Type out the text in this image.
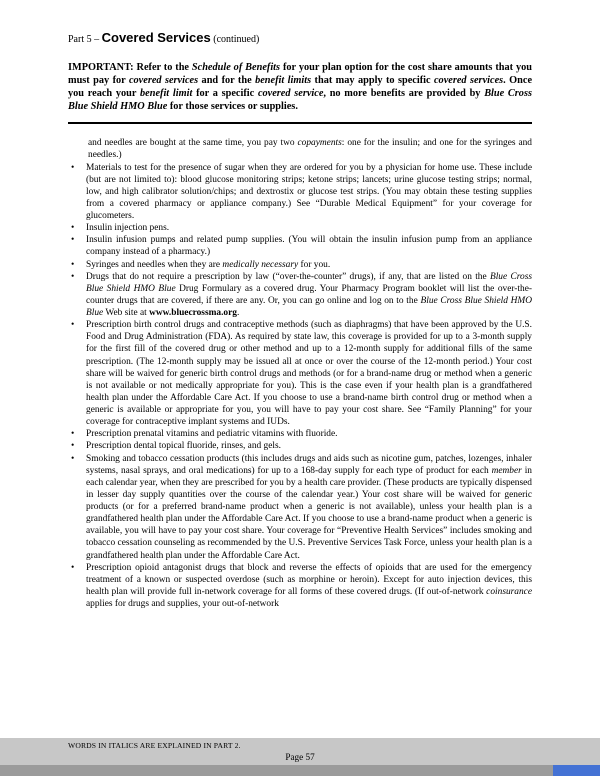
Part 5 – Covered Services (continued)

IMPORTANT: Refer to the Schedule of Benefits for your plan option for the cost share amounts that you must pay for covered services and for the benefit limits that may apply to specific covered services. Once you reach your benefit limit for a specific covered service, no more benefits are provided by Blue Cross Blue Shield HMO Blue for those services or supplies.

and needles are bought at the same time, you pay two copayments: one for the insulin; and one for the syringes and needles.)

•	Materials to test for the presence of sugar when they are ordered for you by a physician for home use. These include (but are not limited to): blood glucose monitoring strips; ketone strips; lancets; urine glucose testing strips; normal, low, and high calibrator solution/chips; and dextrostix or glucose test strips. (You may obtain these testing supplies from a covered pharmacy or appliance company.) See “Durable Medical Equipment” for your coverage for glucometers.
•	Insulin injection pens.
•	Insulin infusion pumps and related pump supplies. (You will obtain the insulin infusion pump from an appliance company instead of a pharmacy.)
•	Syringes and needles when they are medically necessary for you.
•	Drugs that do not require a prescription by law (“over-the-counter” drugs), if any, that are listed on the Blue Cross Blue Shield HMO Blue Drug Formulary as a covered drug. Your Pharmacy Program booklet will list the over-the-counter drugs that are covered, if there are any. Or, you can go online and log on to the Blue Cross Blue Shield HMO Blue Web site at www.bluecrossma.org.
•	Prescription birth control drugs and contraceptive methods (such as diaphragms) that have been approved by the U.S. Food and Drug Administration (FDA). As required by state law, this coverage is provided for up to a 3-month supply for the first fill of the covered drug or other method and up to a 12-month supply for additional fills of the same prescription. (The 12-month supply may be issued all at once or over the course of the 12-month period.) Your cost share will be waived for generic birth control drugs and methods (or for a brand-name drug or method when a generic is not available or not medically appropriate for you). This is the case even if your health plan is a grandfathered health plan under the Affordable Care Act. If you choose to use a brand-name birth control drug or method when a generic is available or appropriate for you, you will have to pay your cost share. See “Family Planning” for your coverage for contraceptive implant systems and IUDs.
•	Prescription prenatal vitamins and pediatric vitamins with fluoride.
•	Prescription dental topical fluoride, rinses, and gels.
•	Smoking and tobacco cessation products (this includes drugs and aids such as nicotine gum, patches, lozenges, inhaler systems, nasal sprays, and oral medications) for up to a 168-day supply for each type of product for each member in each calendar year, when they are prescribed for you by a health care provider. (These products are typically dispensed in lesser day supply quantities over the course of the calendar year.) Your cost share will be waived for generic products (or for a preferred brand-name product when a generic is not available), unless your health plan is a grandfathered health plan under the Affordable Care Act. If you choose to use a brand-name product when a generic is available, you will have to pay your cost share. Your coverage for “Preventive Health Services” includes smoking and tobacco cessation counseling as recommended by the U.S. Preventive Services Task Force, unless your health plan is a grandfathered health plan under the Affordable Care Act.
•	Prescription opioid antagonist drugs that block and reverse the effects of opioids that are used for the emergency treatment of a known or suspected overdose (such as morphine or heroin). Except for auto injection devices, this health plan will provide full in-network coverage for all forms of these covered drugs. (If out-of-network coinsurance applies for drugs and supplies, your out-of-network

WORDS IN ITALICS ARE EXPLAINED IN PART 2.

Page 57
